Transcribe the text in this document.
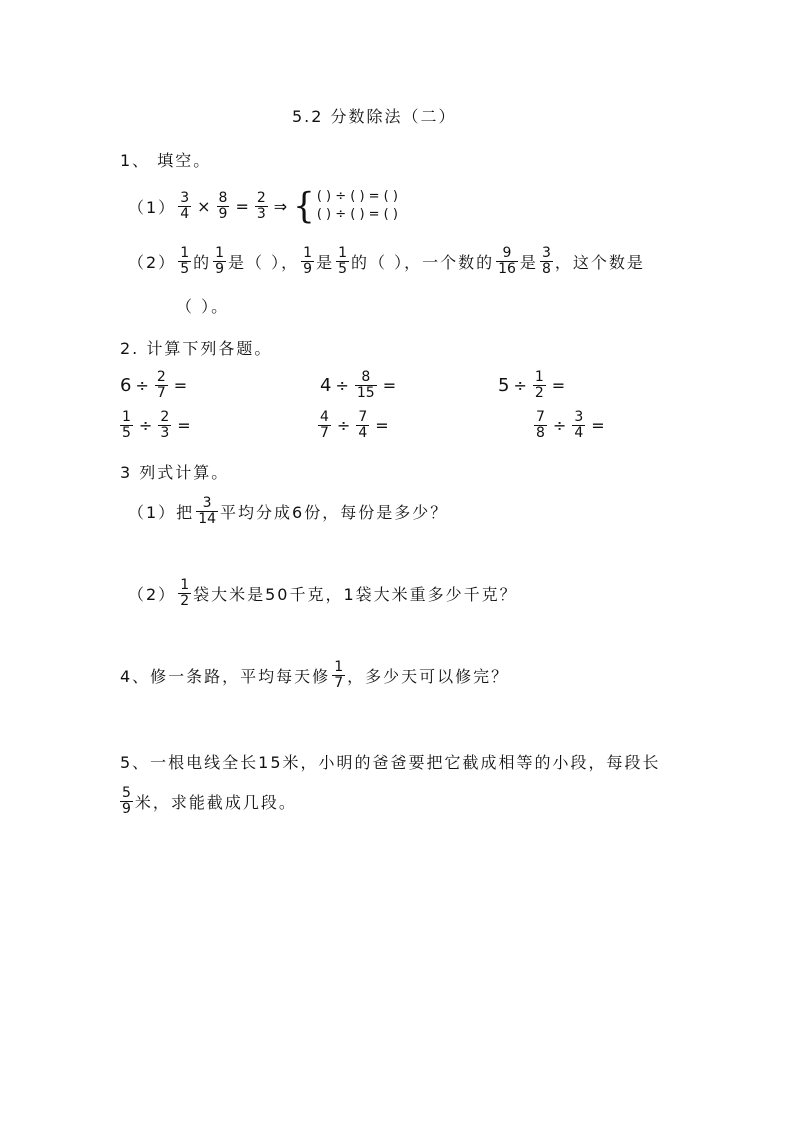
5.2 分数除法（二）
1、 填空。
$(1) \frac{3}{4} \times \frac{8}{9} = \frac{2}{3}$ ⇒ { ( ) ÷ ( ) = ( )
( ) ÷ ( ) = ( )
$(2) \frac{1}{5}$ 的 $\frac{1}{9}$ 是（ ）， $\frac{1}{9}$ 是 $\frac{1}{5}$ 的（ ），一个数的 $\frac{9}{16}$ 是 $\frac{3}{8}$ ，这个数是
（ ）。
2. 计算下列各题。
$6 \div \frac{2}{7}$ =	$4 \div \frac{8}{15}$ =	$5 \div \frac{1}{2}$ =
$\frac{1}{5} \div \frac{2}{3}$ =	$\frac{4}{7} \div \frac{7}{4}$ =	$\frac{7}{8} \div \frac{3}{4}$ =
3 列式计算。
（1）把 $\frac{3}{14}$ 平均分成6份，每份是多少？
$(2) \frac{1}{2}$ 袋大米是50千克，1袋大米重多少千克？
4、修一条路，平均每天修 $\frac{1}{7}$ ，多少天可以修完？
5、一根电线全长15米，小明的爸爸要把它截成相等的小段，每段长
$\frac{5}{9}$ 米，求能截成几段。
